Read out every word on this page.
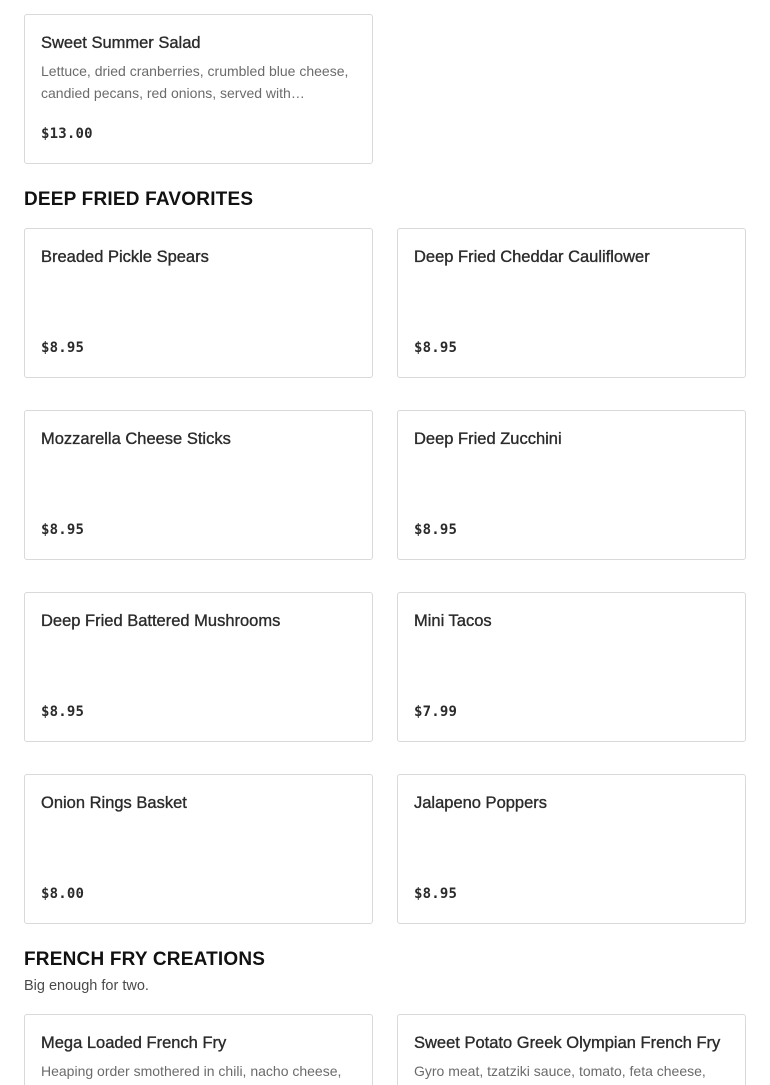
Sweet Summer Salad
Lettuce, dried cranberries, crumbled blue cheese, candied pecans, red onions, served with…
$13.00
DEEP FRIED FAVORITES
Breaded Pickle Spears
$8.95
Deep Fried Cheddar Cauliflower
$8.95
Mozzarella Cheese Sticks
$8.95
Deep Fried Zucchini
$8.95
Deep Fried Battered Mushrooms
$8.95
Mini Tacos
$7.99
Onion Rings Basket
$8.00
Jalapeno Poppers
$8.95
FRENCH FRY CREATIONS

Big enough for two.

Mega Loaded French Fry
Heaping order smothered in chili, nacho cheese,
Sweet Potato Greek Olympian French Fry
Gyro meat, tzatziki sauce, tomato, feta cheese,
